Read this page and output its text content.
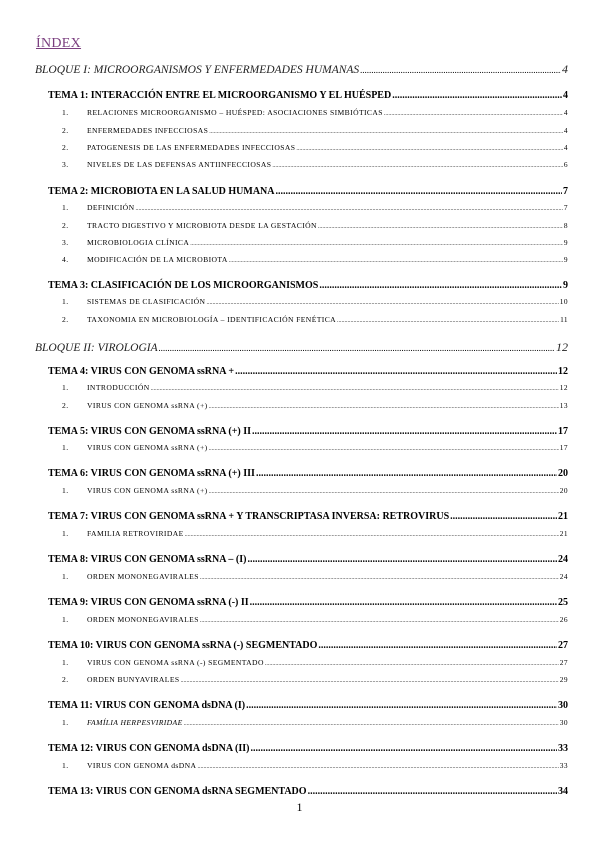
ÍNDEX
BLOQUE I: MICROORGANISMOS Y ENFERMEDADES HUMANAS .....	4
TEMA 1: INTERACCIÓN ENTRE EL MICROORGANISMO Y EL HUÉSPED .....	4
1.	RELACIONES MICROORGANISMO – HUÉSPED: ASOCIACIONES SIMBIÓTICAS .....	4
2.	ENFERMEDADES INFECCIOSAS .....	4
2.	PATOGENESIS DE LAS ENFERMEDADES INFECCIOSAS .....	4
3.	NIVELES DE LAS DEFENSAS ANTIINFECCIOSAS .....	6
TEMA 2: MICROBIOTA EN LA SALUD HUMANA .....	7
1.	DEFINICIÓN .....	7
2.	TRACTO DIGESTIVO Y MICROBIOTA DESDE LA GESTACIÓN .....	8
3.	MICROBIOLOGIA CLÍNICA .....	9
4.	MODIFICACIÓN DE LA MICROBIOTA .....	9
TEMA 3: CLASIFICACIÓN DE LOS MICROORGANISMOS .....	9
1.	SISTEMAS DE CLASIFICACIÓN .....	10
2.	TAXONOMIA EN MICROBIOLOGÍA – IDENTIFICACIÓN FENÉTICA .....	11
BLOQUE II: VIROLOGIA .....	12
TEMA 4: VIRUS CON GENOMA ssRNA + .....	12
1.	INTRODUCCIÓN .....	12
2.	VIRUS CON GENOMA ssRNA (+) .....	13
TEMA 5: VIRUS CON GENOMA ssRNA (+) II .....	17
1.	VIRUS CON GENOMA ssRNA (+) .....	17
TEMA 6: VIRUS CON GENOMA ssRNA (+) III .....	20
1.	VIRUS CON GENOMA ssRNA (+) .....	20
TEMA 7: VIRUS CON GENOMA ssRNA + Y TRANSCRIPTASA INVERSA: RETROVIRUS .....	21
1.	FAMILIA RETROVIRIDAE .....	21
TEMA 8: VIRUS CON GENOMA ssRNA – (I) .....	24
1.	ORDEN MONONEGAVIRALES .....	24
TEMA 9: VIRUS CON GENOMA ssRNA (-) II .....	25
1.	ORDEN MONONEGAVIRALES .....	26
TEMA 10: VIRUS CON GENOMA ssRNA (-) SEGMENTADO .....	27
1.	VIRUS CON GENOMA ssRNA (-) SEGMENTADO .....	27
2.	ORDEN BUNYAVIRALES .....	29
TEMA 11: VIRUS CON GENOMA dsDNA (I) .....	30
1.	FAMÍLIA HERPESVIRIDAE .....	30
TEMA 12: VIRUS CON GENOMA dsDNA (II) .....	33
1.	VIRUS CON GENOMA dsDNA .....	33
TEMA 13: VIRUS CON GENOMA dsRNA SEGMENTADO .....	34
1
